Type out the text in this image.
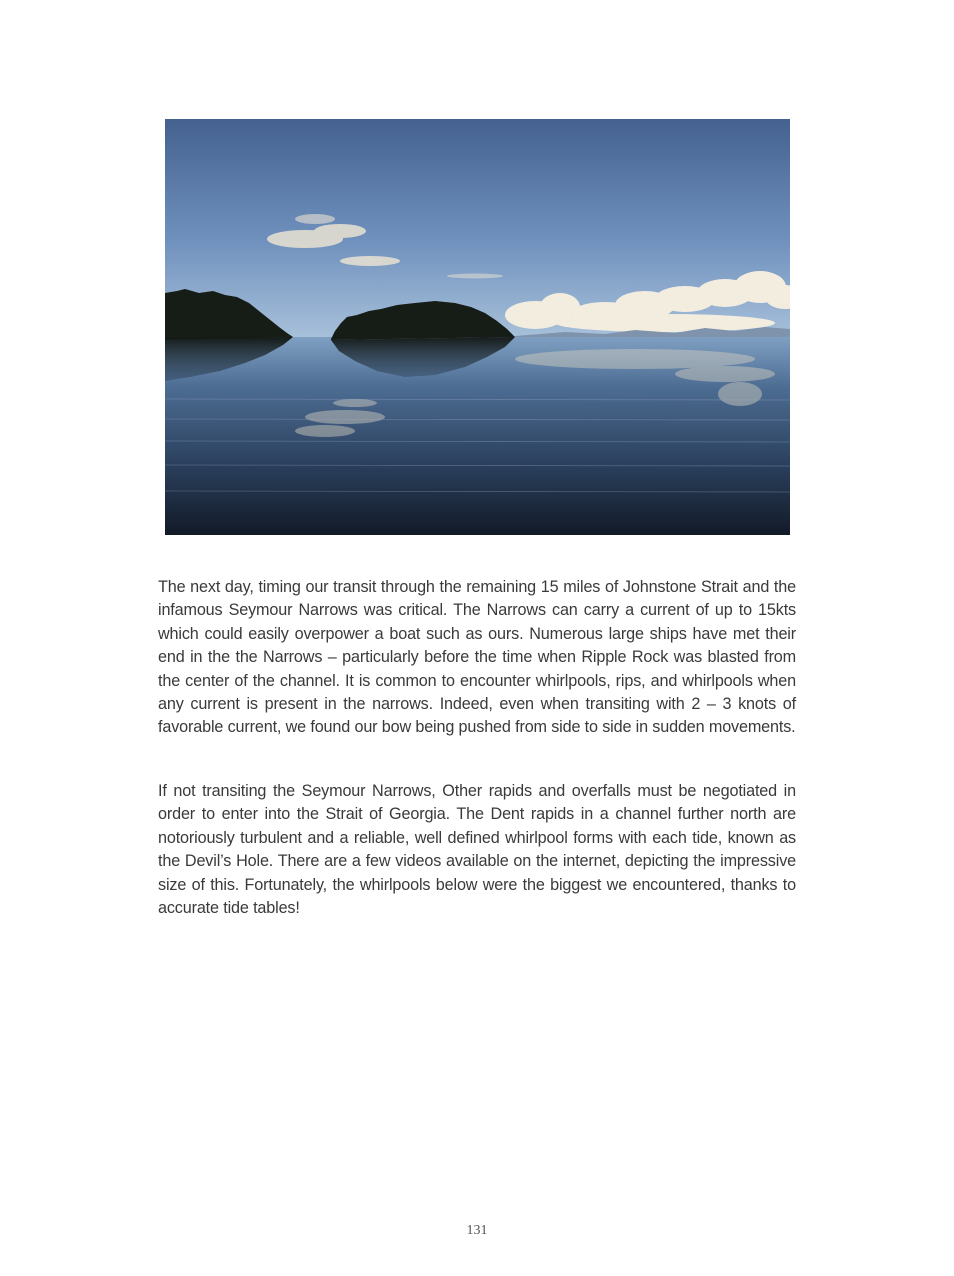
The next day, timing our transit through the remaining 15 miles of Johnstone Strait and the infamous Seymour Narrows was critical. The Narrows can carry a current of up to 15kts which could easily overpower a boat such as ours. Numerous large ships have met their end in the the Narrows – particularly before the time when Ripple Rock was blasted from the center of the channel. It is common to encounter whirlpools, rips, and whirlpools when any current is present in the narrows. Indeed, even when transiting with 2 – 3 knots of favorable current, we found our bow being pushed from side to side in sudden movements.

If not transiting the Seymour Narrows, Other rapids and overfalls must be negotiated in order to enter into the Strait of Georgia. The Dent rapids in a channel further north are notoriously turbulent and a reliable, well defined whirlpool forms with each tide, known as the Devil’s Hole. There are a few videos available on the internet, depicting the impressive size of this. Fortunately, the whirlpools below were the biggest we encountered, thanks to accurate tide tables!

131
